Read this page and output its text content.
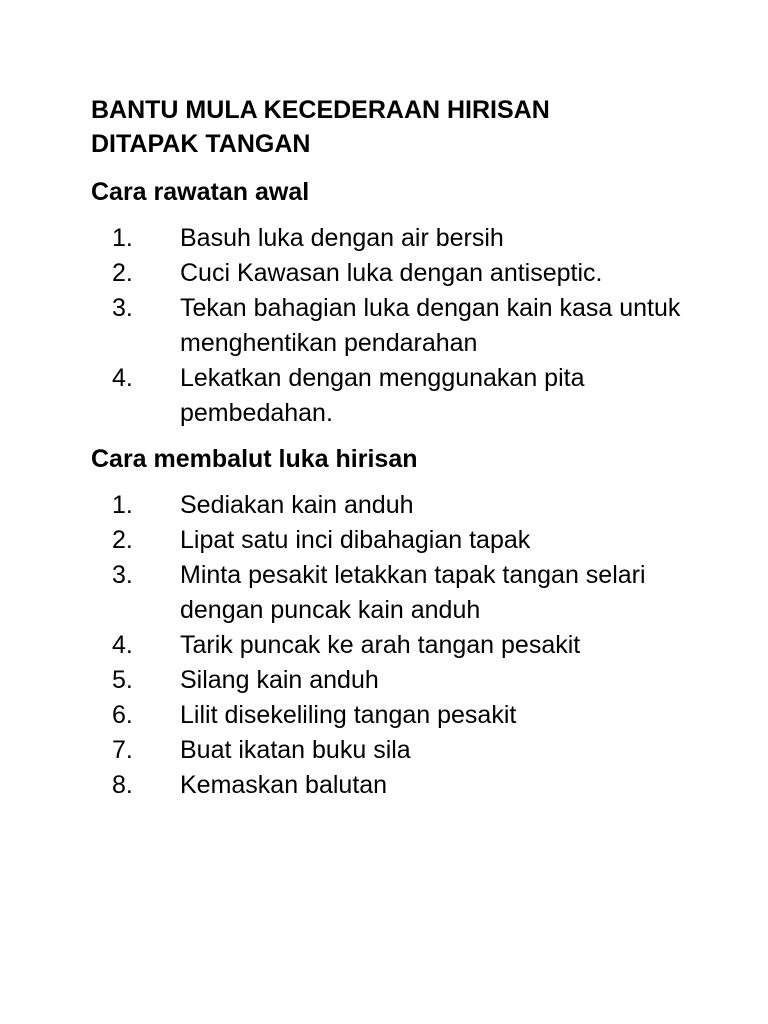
BANTU MULA KECEDERAAN HIRISAN
DITAPAK TANGAN
Cara rawatan awal
1.	Basuh luka dengan air bersih
2.	Cuci Kawasan luka dengan antiseptic.
3.	Tekan bahagian luka dengan kain kasa untuk menghentikan pendarahan
4.	Lekatkan dengan menggunakan pita pembedahan.
Cara membalut luka hirisan
1.	Sediakan kain anduh
2.	Lipat satu inci dibahagian tapak
3.	Minta pesakit letakkan tapak tangan selari dengan puncak kain anduh
4.	Tarik puncak ke arah tangan pesakit
5.	Silang kain anduh
6.	Lilit disekeliling tangan pesakit
7.	Buat ikatan buku sila
8.	Kemaskan balutan
